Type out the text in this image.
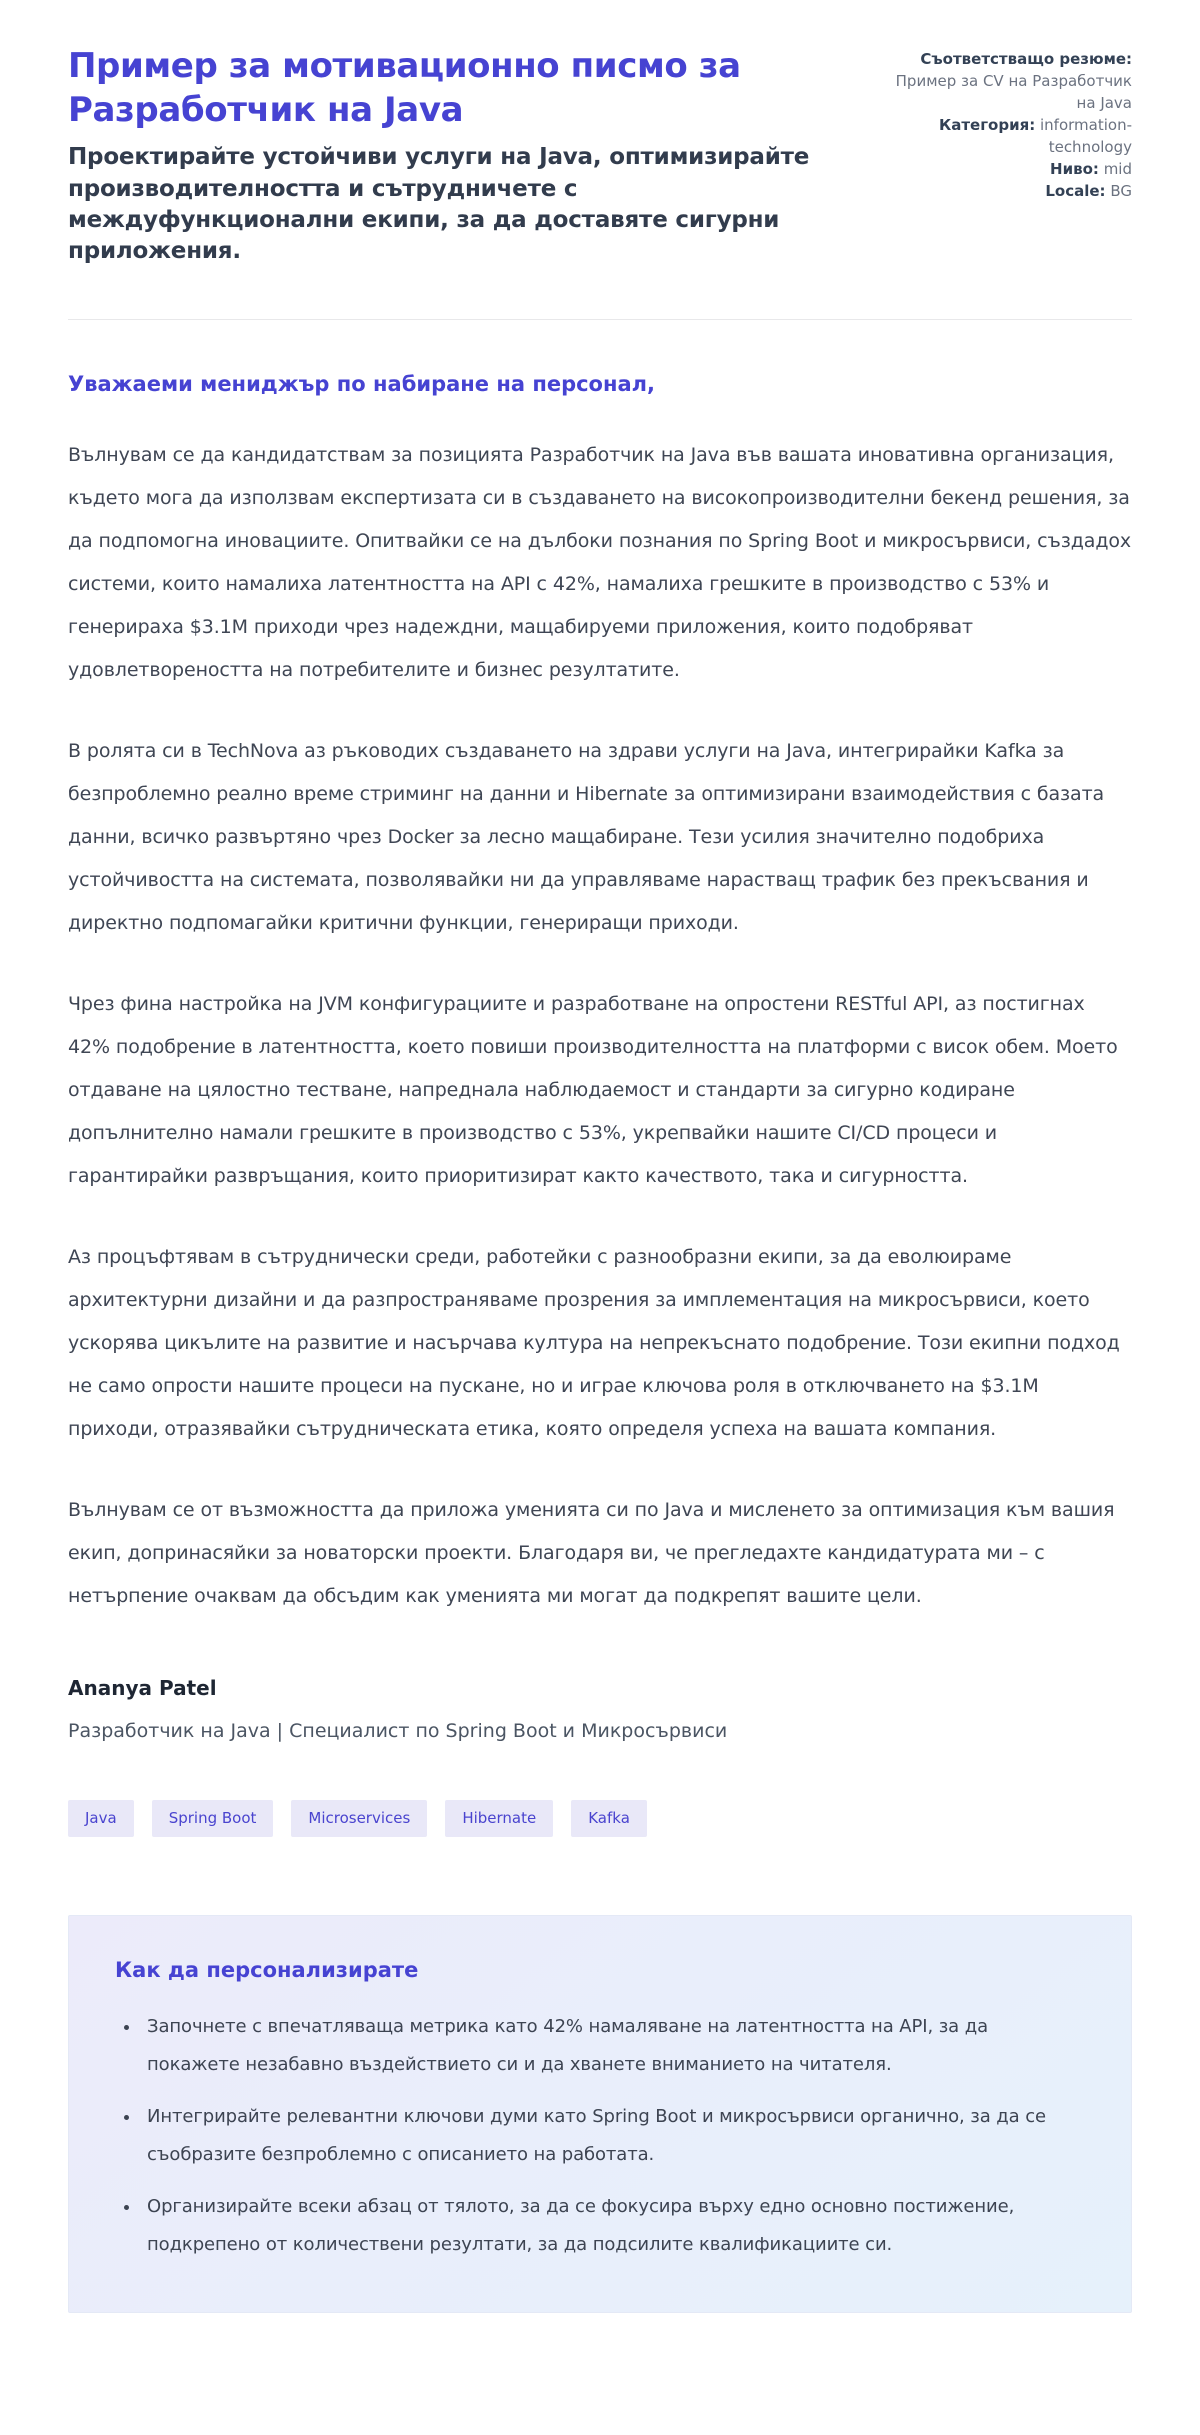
Пример за мотивационно писмо за Разработчик на Java

Проектирайте устойчиви услуги на Java, оптимизирайте производителността и сътрудничете с междуфункционални екипи, за да доставяте сигурни приложения.

Съответстващо резюме: Пример за CV на Разработчик на Java
Категория: information-technology
Ниво: mid
Locale: BG

Уважаеми мениджър по набиране на персонал,

Вълнувам се да кандидатствам за позицията Разработчик на Java във вашата иновативна организация, където мога да използвам експертизата си в създаването на високопроизводителни бекенд решения, за да подпомогна иновациите. Опитвайки се на дълбоки познания по Spring Boot и микросървиси, създадох системи, които намалиха латентността на API с 42%, намалиха грешките в производство с 53% и генерираха $3.1M приходи чрез надеждни, мащабируеми приложения, които подобряват удовлетвореността на потребителите и бизнес резултатите.

В ролята си в TechNova аз ръководих създаването на здрави услуги на Java, интегрирайки Kafka за безпроблемно реално време стриминг на данни и Hibernate за оптимизирани взаимодействия с базата данни, всичко развъртяно чрез Docker за лесно мащабиране. Тези усилия значително подобриха устойчивостта на системата, позволявайки ни да управляваме нарастващ трафик без прекъсвания и директно подпомагайки критични функции, генериращи приходи.

Чрез фина настройка на JVM конфигурациите и разработване на опростени RESTful API, аз постигнах 42% подобрение в латентността, което повиши производителността на платформи с висок обем. Моето отдаване на цялостно тестване, напреднала наблюдаемост и стандарти за сигурно кодиране допълнително намали грешките в производство с 53%, укрепвайки нашите CI/CD процеси и гарантирайки развръщания, които приоритизират както качеството, така и сигурността.

Аз процъфтявам в сътруднически среди, работейки с разнообразни екипи, за да еволюираме архитектурни дизайни и да разпространяваме прозрения за имплементация на микросървиси, което ускорява цикълите на развитие и насърчава култура на непрекъснато подобрение. Този екипни подход не само опрости нашите процеси на пускане, но и играе ключова роля в отключването на $3.1M приходи, отразявайки сътрудническата етика, която определя успеха на вашата компания.

Вълнувам се от възможността да приложа уменията си по Java и мисленето за оптимизация към вашия екип, допринасяйки за новаторски проекти. Благодаря ви, че прегледахте кандидатурата ми – с нетърпение очаквам да обсъдим как уменията ми могат да подкрепят вашите цели.

Ananya Patel

Разработчик на Java | Специалист по Spring Boot и Микросървиси

Java	Spring Boot	Microservices	Hibernate	Kafka
Как да персонализирате
• Започнете с впечатляваща метрика като 42% намаляване на латентността на API, за да покажете незабавно въздействието си и да хванете вниманието на читателя.
• Интегрирайте релевантни ключови думи като Spring Boot и микросървиси органично, за да се съобразите безпроблемно с описанието на работата.
• Организирайте всеки абзац от тялото, за да се фокусира върху едно основно постижение, подкрепено от количествени резултати, за да подсилите квалификациите си.
